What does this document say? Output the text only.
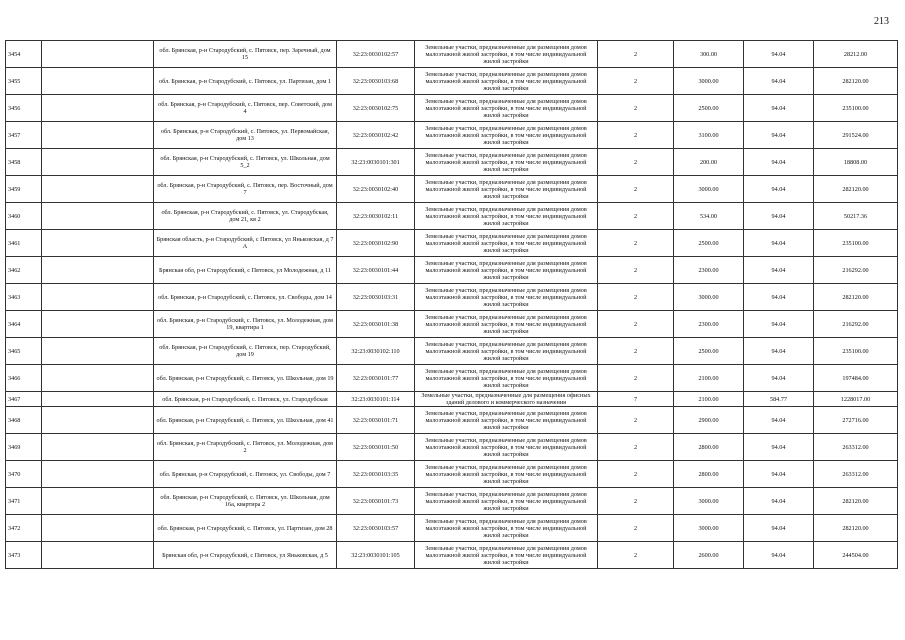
213
3454		обл. Брянская, р-н Стародубский, с. Пятовск, пер. Заречный, дом 15	32:23:0030102:57	Земельные участки, предназначенные для размещения домов малоэтажной жилой застройки, в том числе индивидуальной жилой застройки	2	300.00	94.04	28212.00
3455		обл. Брянская, р-н Стародубский, с. Пятовск, ул. Партизан, дом 1	32:23:0030103:68	Земельные участки, предназначенные для размещения домов малоэтажной жилой застройки, в том числе индивидуальной жилой застройки	2	3000.00	94.04	282120.00
3456		обл. Брянская, р-н Стародубский, с. Пятовск, пер. Советский, дом 4	32:23:0030102:75	Земельные участки, предназначенные для размещения домов малоэтажной жилой застройки, в том числе индивидуальной жилой застройки	2	2500.00	94.04	235100.00
3457		обл. Брянская, р-н Стародубский, с. Пятовск, ул. Первомайская, дом 13	32:23:0030102:42	Земельные участки, предназначенные для размещения домов малоэтажной жилой застройки, в том числе индивидуальной жилой застройки	2	3100.00	94.04	291524.00
3458		обл. Брянская, р-н Стародубский, с. Пятовск, ул. Школьная, дом 5_2	32:23:0030101:301	Земельные участки, предназначенные для размещения домов малоэтажной жилой застройки, в том числе индивидуальной жилой застройки	2	200.00	94.04	18808.00
3459		обл. Брянская, р-н Стародубский, с. Пятовск, пер. Восточный, дом 7	32:23:0030102:40	Земельные участки, предназначенные для размещения домов малоэтажной жилой застройки, в том числе индивидуальной жилой застройки	2	3000.00	94.04	282120.00
3460		обл. Брянская, р-н Стародубский, с. Пятовск, ул. Стародубская, дом 21, кв 2	32:23:0030102:11	Земельные участки, предназначенные для размещения домов малоэтажной жилой застройки, в том числе индивидуальной жилой застройки	2	534.00	94.04	50217.36
3461		Брянская область, р-н Стародубский, с Пятовск, ул Яньковская, д 7 А	32:23:0030102:90	Земельные участки, предназначенные для размещения домов малоэтажной жилой застройки, в том числе индивидуальной жилой застройки	2	2500.00	94.04	235100.00
3462		Брянская обл, р-н Стародубский, с Пятовск, ул Молодежная, д 11	32:23:0030101:44	Земельные участки, предназначенные для размещения домов малоэтажной жилой застройки, в том числе индивидуальной жилой застройки	2	2300.00	94.04	216292.00
3463		обл. Брянская, р-н Стародубский, с. Пятовск, ул. Свободы, дом 14	32:23:0030103:31	Земельные участки, предназначенные для размещения домов малоэтажной жилой застройки, в том числе индивидуальной жилой застройки	2	3000.00	94.04	282120.00
3464		обл. Брянская, р-н Стародубский, с. Пятовск, ул. Молодежная, дом 19, квартира 1	32:23:0030101:38	Земельные участки, предназначенные для размещения домов малоэтажной жилой застройки, в том числе индивидуальной жилой застройки	2	2300.00	94.04	216292.00
3465		обл. Брянская, р-н Стародубский, с. Пятовск, пер. Стародубский, дом 19	32:23:0030102:110	Земельные участки, предназначенные для размещения домов малоэтажной жилой застройки, в том числе индивидуальной жилой застройки	2	2500.00	94.04	235100.00
3466		обл. Брянская, р-н Стародубский, с. Пятовск, ул. Школьная, дом 19	32:23:0030101:77	Земельные участки, предназначенные для размещения домов малоэтажной жилой застройки, в том числе индивидуальной жилой застройки	2	2100.00	94.04	197484.00
3467		обл. Брянская, р-н Стародубский, с. Пятовск, ул. Стародубская	32:23:0030101:114	Земельные участки, предназначенные для размещения офисных зданий делового и коммерческого назначения	7	2100.00	584.77	1228017.00
3468		обл. Брянская, р-н Стародубский, с. Пятовск, ул. Школьная, дом 41	32:23:0030101:71	Земельные участки, предназначенные для размещения домов малоэтажной жилой застройки, в том числе индивидуальной жилой застройки	2	2900.00	94.04	272716.00
3469		обл. Брянская, р-н Стародубский, с. Пятовск, ул. Молодежная, дом 2	32:23:0030101:50	Земельные участки, предназначенные для размещения домов малоэтажной жилой застройки, в том числе индивидуальной жилой застройки	2	2800.00	94.04	263312.00
3470		обл. Брянская, р-н Стародубский, с. Пятовск, ул. Свободы, дом 7	32:23:0030103:35	Земельные участки, предназначенные для размещения домов малоэтажной жилой застройки, в том числе индивидуальной жилой застройки	2	2800.00	94.04	263312.00
3471		обл. Брянская, р-н Стародубский, с. Пятовск, ул. Школьная, дом 16а, квартира 2	32:23:0030101:73	Земельные участки, предназначенные для размещения домов малоэтажной жилой застройки, в том числе индивидуальной жилой застройки	2	3000.00	94.04	282120.00
3472		обл. Брянская, р-н Стародубский, с. Пятовск, ул. Партизан, дом 28	32:23:0030103:57	Земельные участки, предназначенные для размещения домов малоэтажной жилой застройки, в том числе индивидуальной жилой застройки	2	3000.00	94.04	282120.00
3473		Брянская обл, р-н Стародубский, с Пятовск, ул Яньковская, д 5	32:23:0030101:105	Земельные участки, предназначенные для размещения домов малоэтажной жилой застройки, в том числе индивидуальной жилой застройки	2	2600.00	94.04	244504.00
